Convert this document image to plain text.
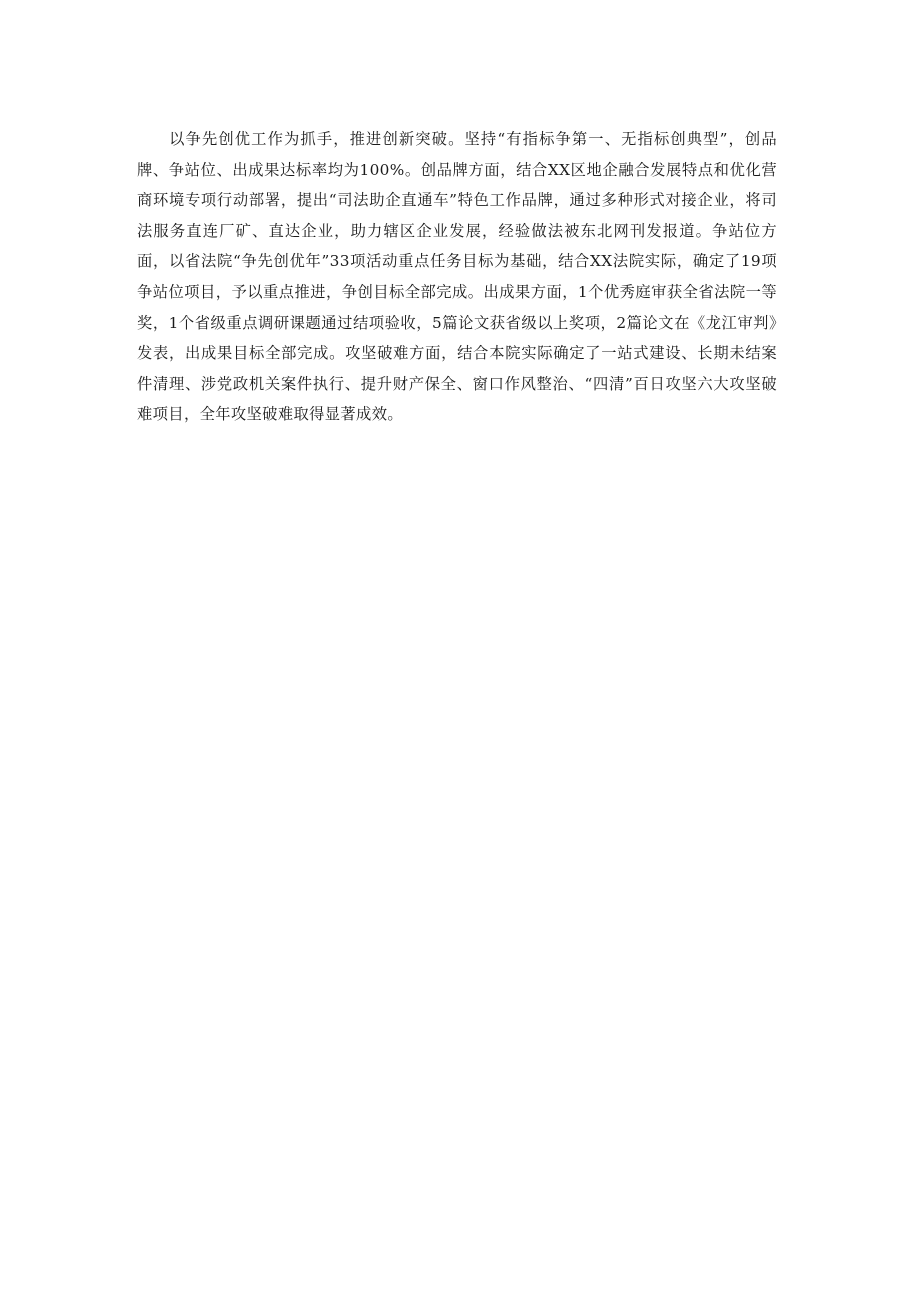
以争先创优工作为抓手，推进创新突破。坚持“有指标争第一、无指标创典型”，创品牌、争站位、出成果达标率均为100%。创品牌方面，结合XX区地企融合发展特点和优化营商环境专项行动部署，提出“司法助企直通车”特色工作品牌，通过多种形式对接企业，将司法服务直连厂矿、直达企业，助力辖区企业发展，经验做法被东北网刊发报道。争站位方面，以省法院“争先创优年”33项活动重点任务目标为基础，结合XX法院实际，确定了19项争站位项目，予以重点推进，争创目标全部完成。出成果方面，1个优秀庭审获全省法院一等奖，1个省级重点调研课题通过结项验收，5篇论文获省级以上奖项，2篇论文在《龙江审判》发表，出成果目标全部完成。攻坚破难方面，结合本院实际确定了一站式建设、长期未结案件清理、涉党政机关案件执行、提升财产保全、窗口作风整治、“四清”百日攻坚六大攻坚破难项目，全年攻坚破难取得显著成效。
